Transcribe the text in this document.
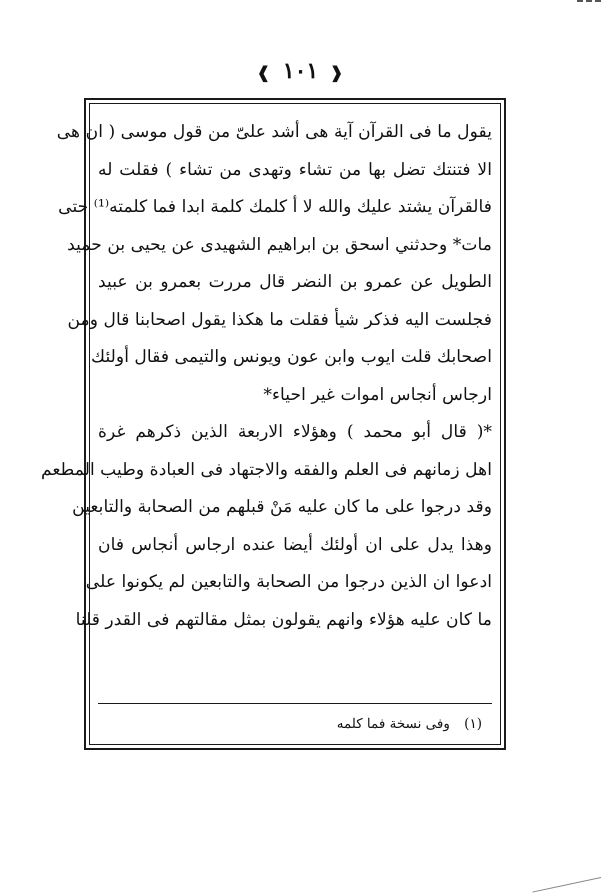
❰ ١٠١ ❱
يقول ما فى القرآن آية هى أشد علىّ من قول موسى ( ان هى
الا فتنتك تضل بها من تشاء وتهدى من تشاء ) فقلت له
فالقرآن يشتد عليك والله لا أ كلمك كلمة ابدا فما كلمته⁽¹⁾ حتى
مات* وحدثني اسحق بن ابراهيم الشهيدى عن يحيى بن حميد
الطويل عن عمرو بن النضر قال مررت بعمرو بن عبيد
فجلست اليه فذكر شيأ فقلت ما هكذا يقول اصحابنا قال ومن
اصحابك قلت ايوب وابن عون ويونس والتيمى فقال أولئك
ارجاس أنجاس اموات غير احياء*
*( قال أبو محمد ) وهؤلاء الاربعة الذين ذكرهم غرة
اهل زمانهم فى العلم والفقه والاجتهاد فى العبادة وطيب المطعم
وقد درجوا على ما كان عليه مَنْ قبلهم من الصحابة والتابعين
وهذا يدل على ان أولئك أيضا عنده ارجاس أنجاس فان
ادعوا ان الذين درجوا من الصحابة والتابعين لم يكونوا على
ما كان عليه هؤلاء وانهم يقولون بمثل مقالتهم فى القدر قلنا
(١) وفى نسخة فما كلمه
